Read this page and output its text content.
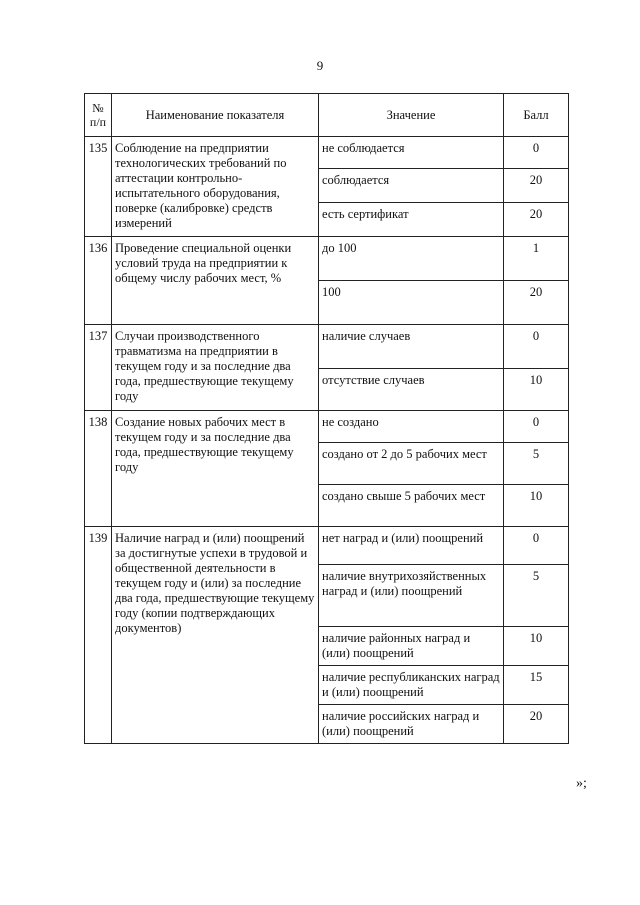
9
№ п/п	Наименование показателя	Значение	Балл
135	Соблюдение на предприятии технологических требований по аттестации контрольно-испытательного оборудования, поверке (калибровке) средств измерений	не соблюдается	0
		соблюдается	20
		есть сертификат	20
136	Проведение специальной оценки условий труда на предприятии к общему числу рабочих мест, %	до 100	1
		100	20
137	Случаи производственного травматизма на предприятии в текущем году и за последние два года, предшествующие текущему году	наличие случаев	0
		отсутствие случаев	10
138	Создание новых рабочих мест в текущем году и за последние два года, предшествующие текущему году	не создано	0
		создано от 2 до 5 рабочих мест	5
		создано свыше 5 рабочих мест	10
139	Наличие наград и (или) поощрений за достигнутые успехи в трудовой и общественной деятельности в текущем году и (или) за последние два года, предшествующие текущему году (копии подтверждающих документов)	нет наград и (или) поощрений	0
		наличие внутрихозяйственных наград и (или) поощрений	5
		наличие районных наград и (или) поощрений	10
		наличие республиканских наград и (или) поощрений	15
		наличие российских наград и (или) поощрений	20
»;
